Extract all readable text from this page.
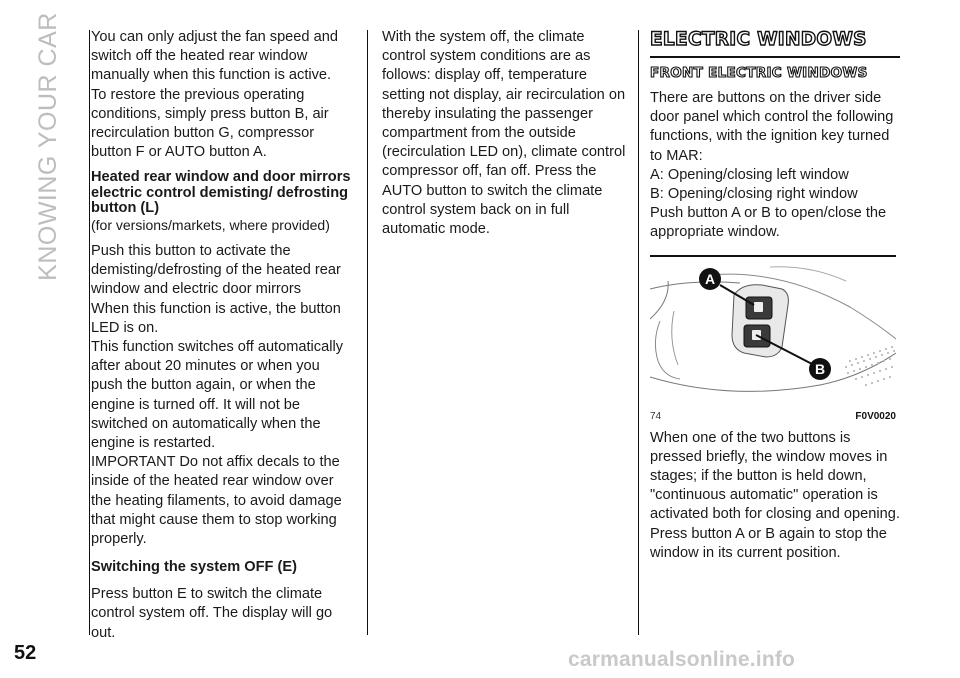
KNOWING YOUR CAR
52	carmanualsonline.info

You can only adjust the fan speed and switch off the heated rear window manually when this function is active.

To restore the previous operating conditions, simply press button B, air recirculation button G, compressor button F or AUTO button A.

Heated rear window and door mirrors electric control demisting/ defrosting button (L)

(for versions/markets, where provided)

Push this button to activate the demisting/defrosting of the heated rear window and electric door mirrors

When this function is active, the button LED is on.

This function switches off automatically after about 20 minutes or when you push the button again, or when the engine is turned off. It will not be switched on automatically when the engine is restarted.

IMPORTANT Do not affix decals to the inside of the heated rear window over the heating filaments, to avoid damage that might cause them to stop working properly.

Switching the system OFF (E)

Press button E to switch the climate control system off. The display will go out.

With the system off, the climate control system conditions are as follows: display off, temperature setting not display, air recirculation on thereby insulating the passenger compartment from the outside (recirculation LED on), climate control compressor off, fan off. Press the AUTO button to switch the climate control system back on in full automatic mode.

ELECTRIC WINDOWS
FRONT ELECTRIC WINDOWS

There are buttons on the driver side door panel which control the following functions, with the ignition key turned to MAR:

A: Opening/closing left window

B: Opening/closing right window

Push button A or B to open/close the appropriate window.

A
B
74	F0V0020

When one of the two buttons is pressed briefly, the window moves in stages; if the button is held down, "continuous automatic" operation is activated both for closing and opening. Press button A or B again to stop the window in its current position.
